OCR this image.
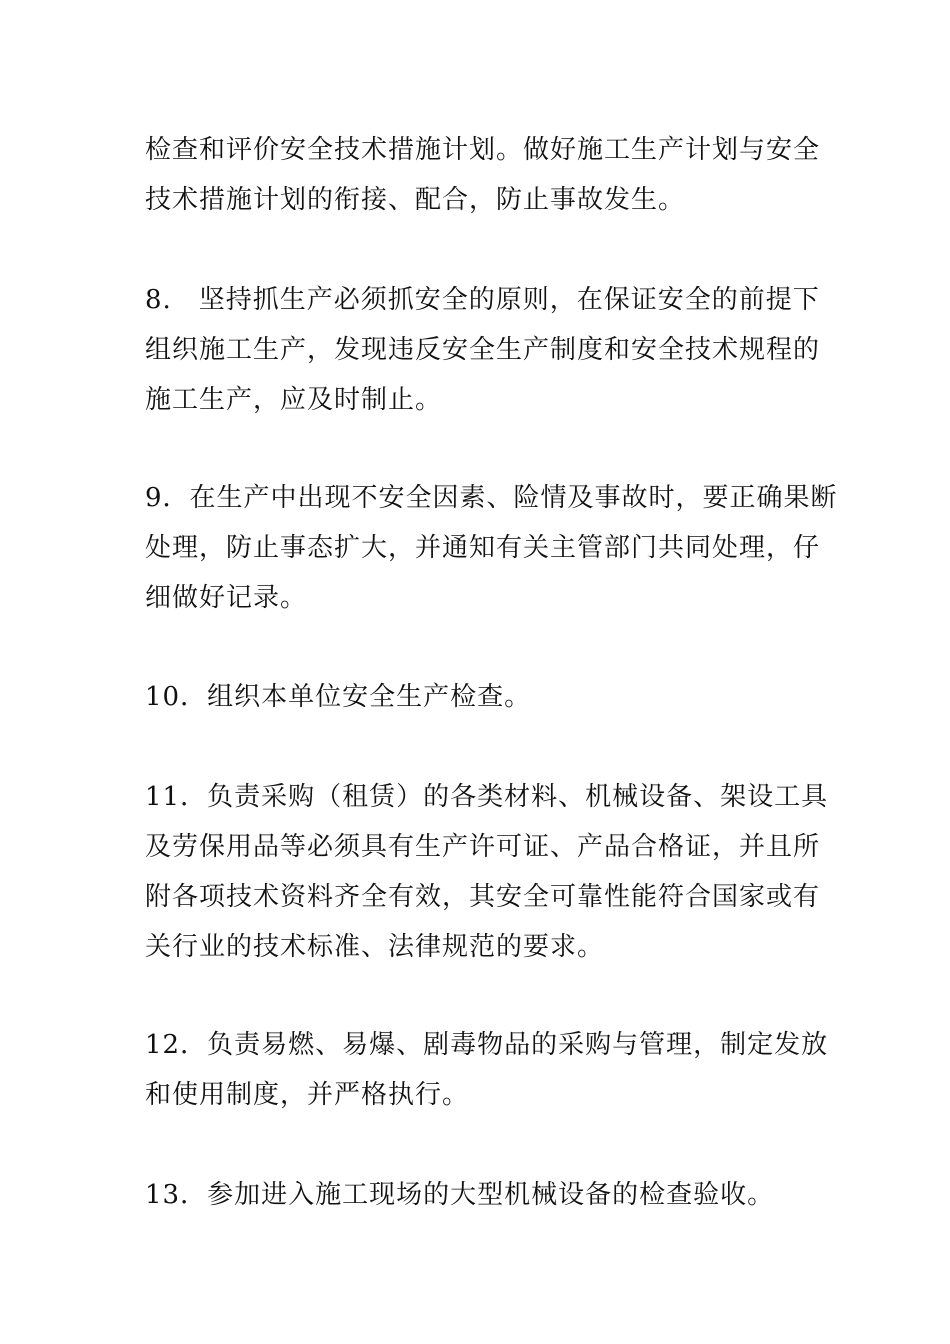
检查和评价安全技术措施计划。做好施工生产计划与安全
技术措施计划的衔接、配合，防止事故发生。

8.　坚持抓生产必须抓安全的原则，在保证安全的前提下
组织施工生产，发现违反安全生产制度和安全技术规程的
施工生产，应及时制止。

9．在生产中出现不安全因素、险情及事故时，要正确果断
处理，防止事态扩大，并通知有关主管部门共同处理，仔
细做好记录。

10．组织本单位安全生产检查。

11．负责采购（租赁）的各类材料、机械设备、架设工具
及劳保用品等必须具有生产许可证、产品合格证，并且所
附各项技术资料齐全有效，其安全可靠性能符合国家或有
关行业的技术标准、法律规范的要求。

12．负责易燃、易爆、剧毒物品的采购与管理，制定发放
和使用制度，并严格执行。

13．参加进入施工现场的大型机械设备的检查验收。
